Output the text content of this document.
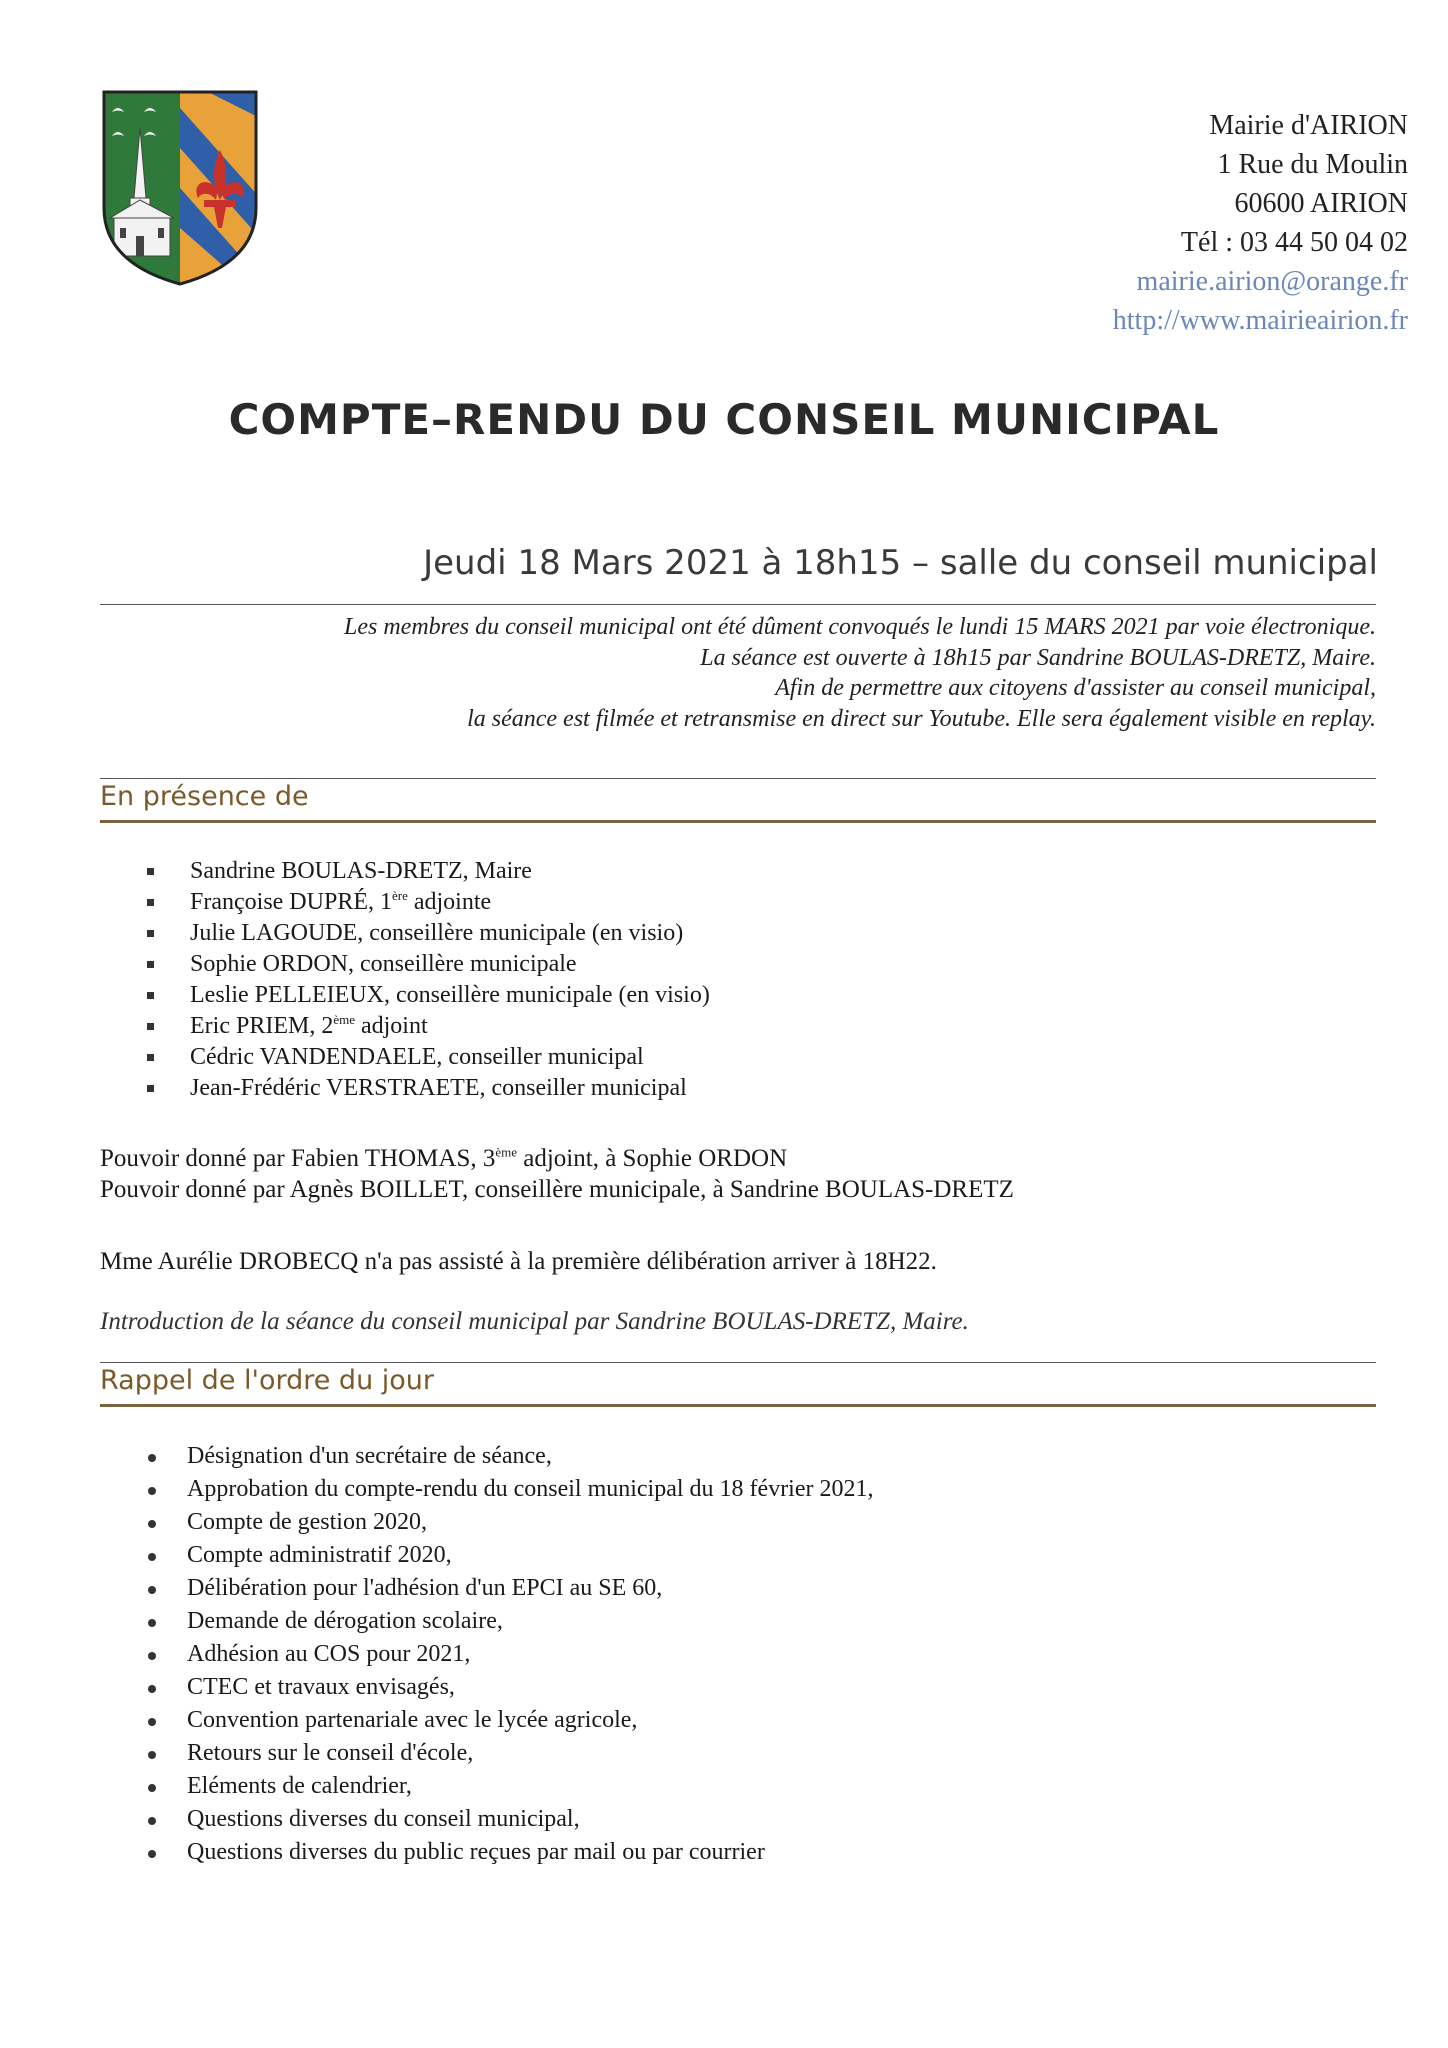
Mairie d'AIRION
1 Rue du Moulin
60600 AIRION
Tél : 03 44 50 04 02
mairie.airion@orange.fr
http://www.mairieairion.fr
COMPTE–RENDU DU CONSEIL MUNICIPAL
Jeudi 18 Mars 2021 à 18h15 – salle du conseil municipal
Les membres du conseil municipal ont été dûment convoqués le lundi 15 MARS 2021 par voie électronique.
La séance est ouverte à 18h15 par Sandrine BOULAS-DRETZ, Maire.
Afin de permettre aux citoyens d'assister au conseil municipal,
la séance est filmée et retransmise en direct sur Youtube. Elle sera également visible en replay.
En présence de
Sandrine BOULAS-DRETZ, Maire
Françoise DUPRÉ, 1ère adjointe
Julie LAGOUDE, conseillère municipale (en visio)
Sophie ORDON, conseillère municipale
Leslie PELLEIEUX, conseillère municipale (en visio)
Eric PRIEM, 2ème adjoint
Cédric VANDENDAELE, conseiller municipal
Jean-Frédéric VERSTRAETE, conseiller municipal
Pouvoir donné par Fabien THOMAS, 3ème adjoint, à Sophie ORDON
Pouvoir donné par Agnès BOILLET, conseillère municipale, à Sandrine BOULAS-DRETZ
Mme Aurélie DROBECQ n'a pas assisté à la première délibération arriver à 18H22.
Introduction de la séance du conseil municipal par Sandrine BOULAS-DRETZ, Maire.
Rappel de l'ordre du jour
Désignation d'un secrétaire de séance,
Approbation du compte-rendu du conseil municipal du 18 février 2021,
Compte de gestion 2020,
Compte administratif 2020,
Délibération pour l'adhésion d'un EPCI au SE 60,
Demande de dérogation scolaire,
Adhésion au COS pour 2021,
CTEC et travaux envisagés,
Convention partenariale avec le lycée agricole,
Retours sur le conseil d'école,
Eléments de calendrier,
Questions diverses du conseil municipal,
Questions diverses du public reçues par mail ou par courrier
